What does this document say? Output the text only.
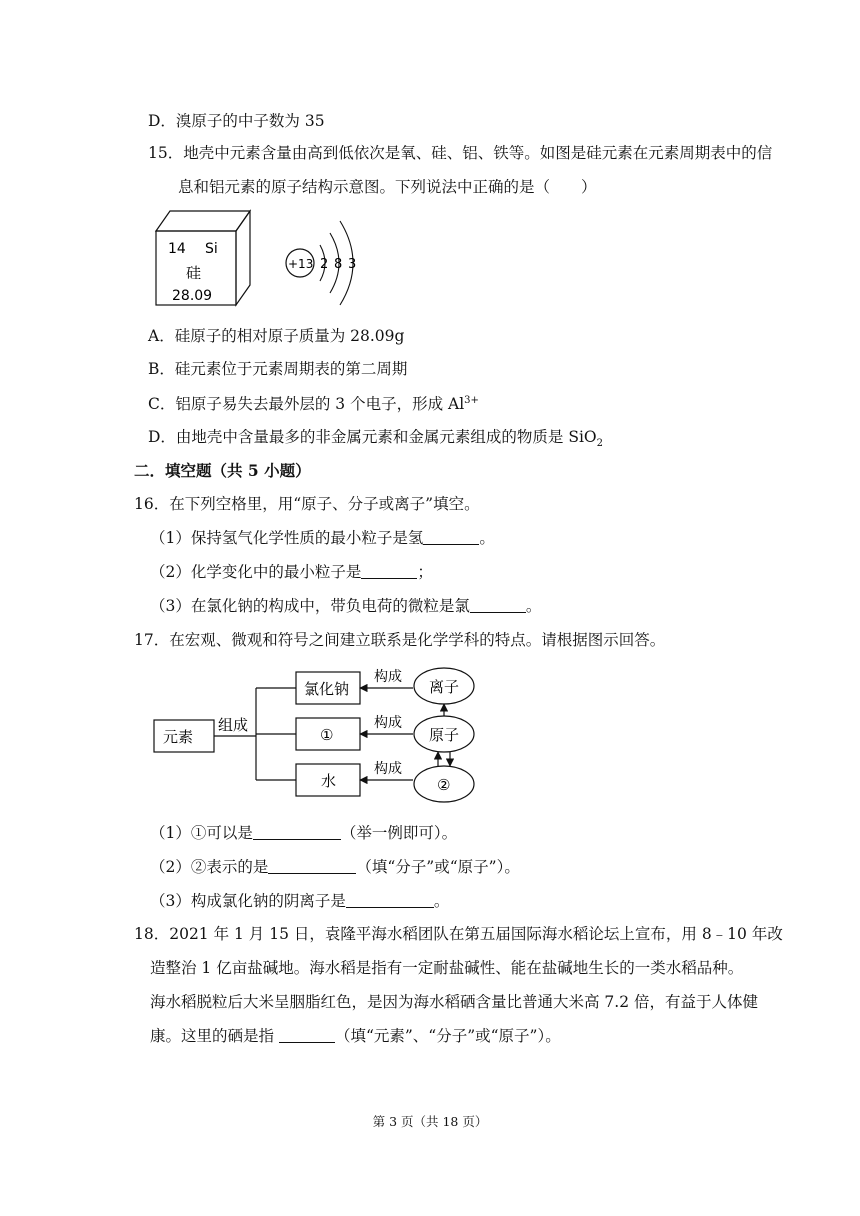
D．溴原子的中子数为 35
15．地壳中元素含量由高到低依次是氧、硅、铝、铁等。如图是硅元素在元素周期表中的信
息和铝元素的原子结构示意图。下列说法中正确的是（　　）
14 Si
硅
28.09
+13 2 8 3
A．硅原子的相对原子质量为 28.09g
B．硅元素位于元素周期表的第二周期
C．铝原子易失去最外层的 3 个电子，形成 $Al^{3+}$
D．由地壳中含量最多的非金属元素和金属元素组成的物质是 SiO$_2$
二．填空题（共 5 小题）
16．在下列空格里，用“原子、分子或离子”填空。
（1）保持氢气化学性质的最小粒子是氢	。
（2）化学变化中的最小粒子是	；
（3）在氯化钠的构成中，带负电荷的微粒是氯	。
17．在宏观、微观和符号之间建立联系是化学学科的特点。请根据图示回答。
元素
组成
氯化钠
①
水
构成
构成
构成
离子
原子
②
（1）①可以是	（举一例即可）。
（2）②表示的是	（填“分子”或“原子”）。
（3）构成氯化钠的阴离子是	。
18．2021 年 1 月 15 日，袁隆平海水稻团队在第五届国际海水稻论坛上宣布，用 8﹣10 年改
造整治 1 亿亩盐碱地。海水稻是指有一定耐盐碱性、能在盐碱地生长的一类水稻品种。
海水稻脱粒后大米呈胭脂红色，是因为海水稻硒含量比普通大米高 7.2 倍，有益于人体健
康。这里的硒是指	（填“元素”、“分子”或“原子”）。
第 3 页（共 18 页）
